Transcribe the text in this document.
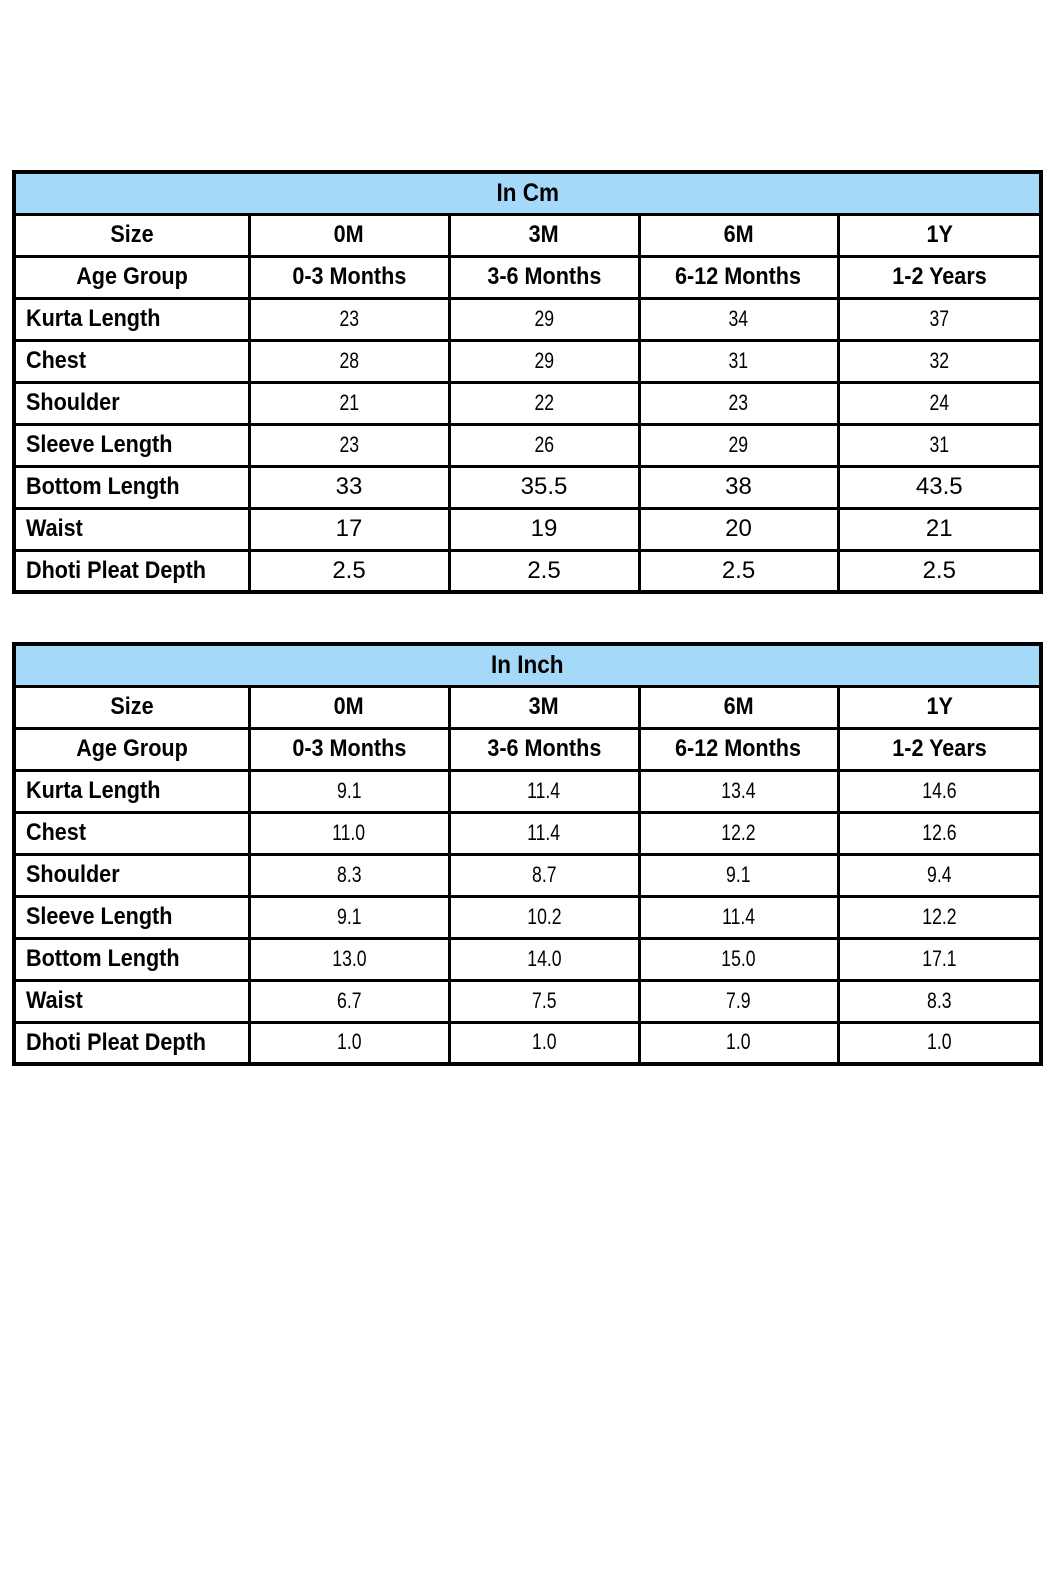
In Cm				
Size	0M	3M	6M	1Y
Age Group	0-3 Months	3-6 Months	6-12 Months	1-2 Years
Kurta Length	23	29	34	37
Chest	28	29	31	32
Shoulder	21	22	23	24
Sleeve Length	23	26	29	31
Bottom Length	33	35.5	38	43.5
Waist	17	19	20	21
Dhoti Pleat Depth	2.5	2.5	2.5	2.5
In Inch				
Size	0M	3M	6M	1Y
Age Group	0-3 Months	3-6 Months	6-12 Months	1-2 Years
Kurta Length	9.1	11.4	13.4	14.6
Chest	11.0	11.4	12.2	12.6
Shoulder	8.3	8.7	9.1	9.4
Sleeve Length	9.1	10.2	11.4	12.2
Bottom Length	13.0	14.0	15.0	17.1
Waist	6.7	7.5	7.9	8.3
Dhoti Pleat Depth	1.0	1.0	1.0	1.0
